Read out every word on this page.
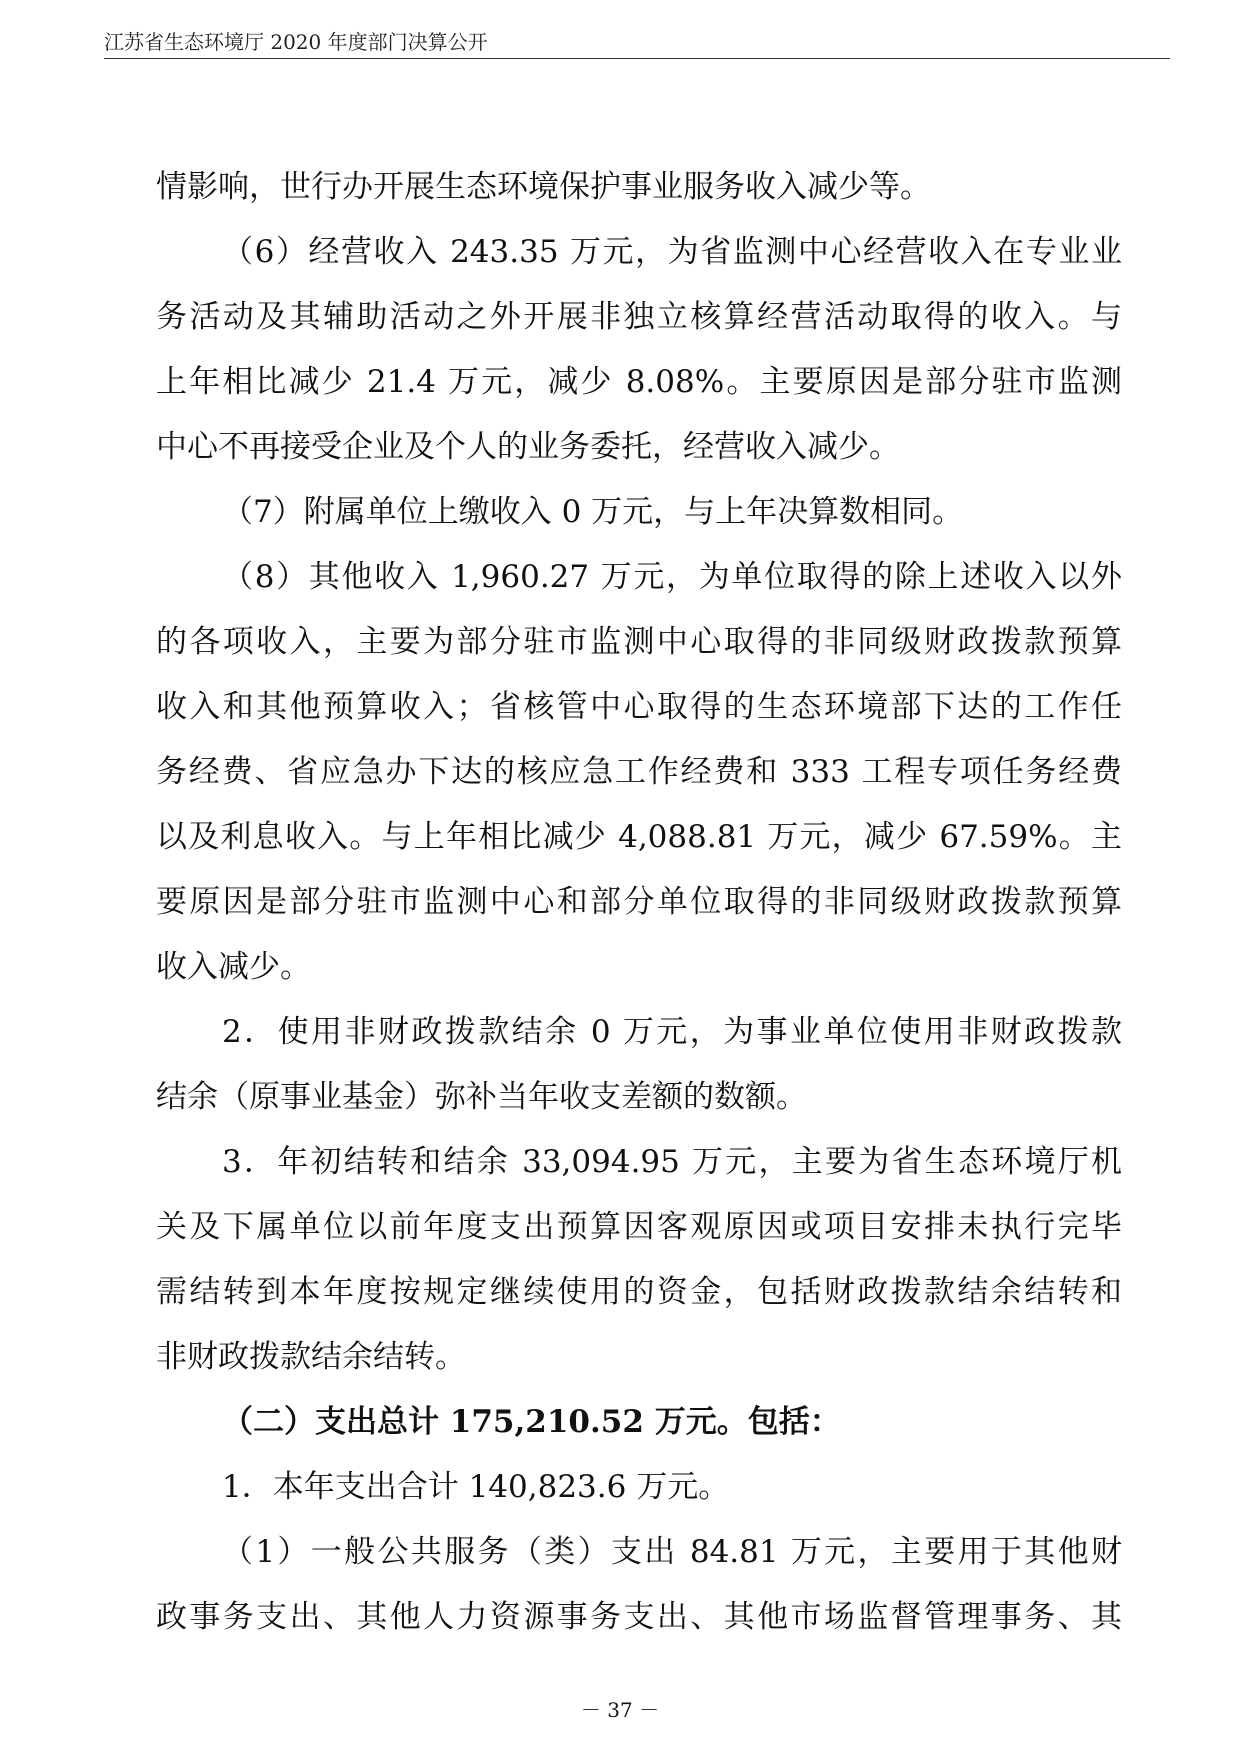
江苏省生态环境厅 2020 年度部门决算公开
情影响，世行办开展生态环境保护事业服务收入减少等。
（6）经营收入 243.35 万元，为省监测中心经营收入在专业业
务活动及其辅助活动之外开展非独立核算经营活动取得的收入。与
上年相比减少 21.4 万元，减少 8.08%。主要原因是部分驻市监测
中心不再接受企业及个人的业务委托，经营收入减少。
（7）附属单位上缴收入 0 万元，与上年决算数相同。
（8）其他收入 1,960.27 万元，为单位取得的除上述收入以外
的各项收入，主要为部分驻市监测中心取得的非同级财政拨款预算
收入和其他预算收入；省核管中心取得的生态环境部下达的工作任
务经费、省应急办下达的核应急工作经费和 333 工程专项任务经费
以及利息收入。与上年相比减少 4,088.81 万元，减少 67.59%。主
要原因是部分驻市监测中心和部分单位取得的非同级财政拨款预算
收入减少。
2．使用非财政拨款结余 0 万元，为事业单位使用非财政拨款
结余（原事业基金）弥补当年收支差额的数额。
3．年初结转和结余 33,094.95 万元，主要为省生态环境厅机
关及下属单位以前年度支出预算因客观原因或项目安排未执行完毕
需结转到本年度按规定继续使用的资金，包括财政拨款结余结转和
非财政拨款结余结转。
（二）支出总计 175,210.52 万元。包括：
1．本年支出合计 140,823.6 万元。
（1）一般公共服务（类）支出 84.81 万元，主要用于其他财
政事务支出、其他人力资源事务支出、其他市场监督管理事务、其
－ 37 －
